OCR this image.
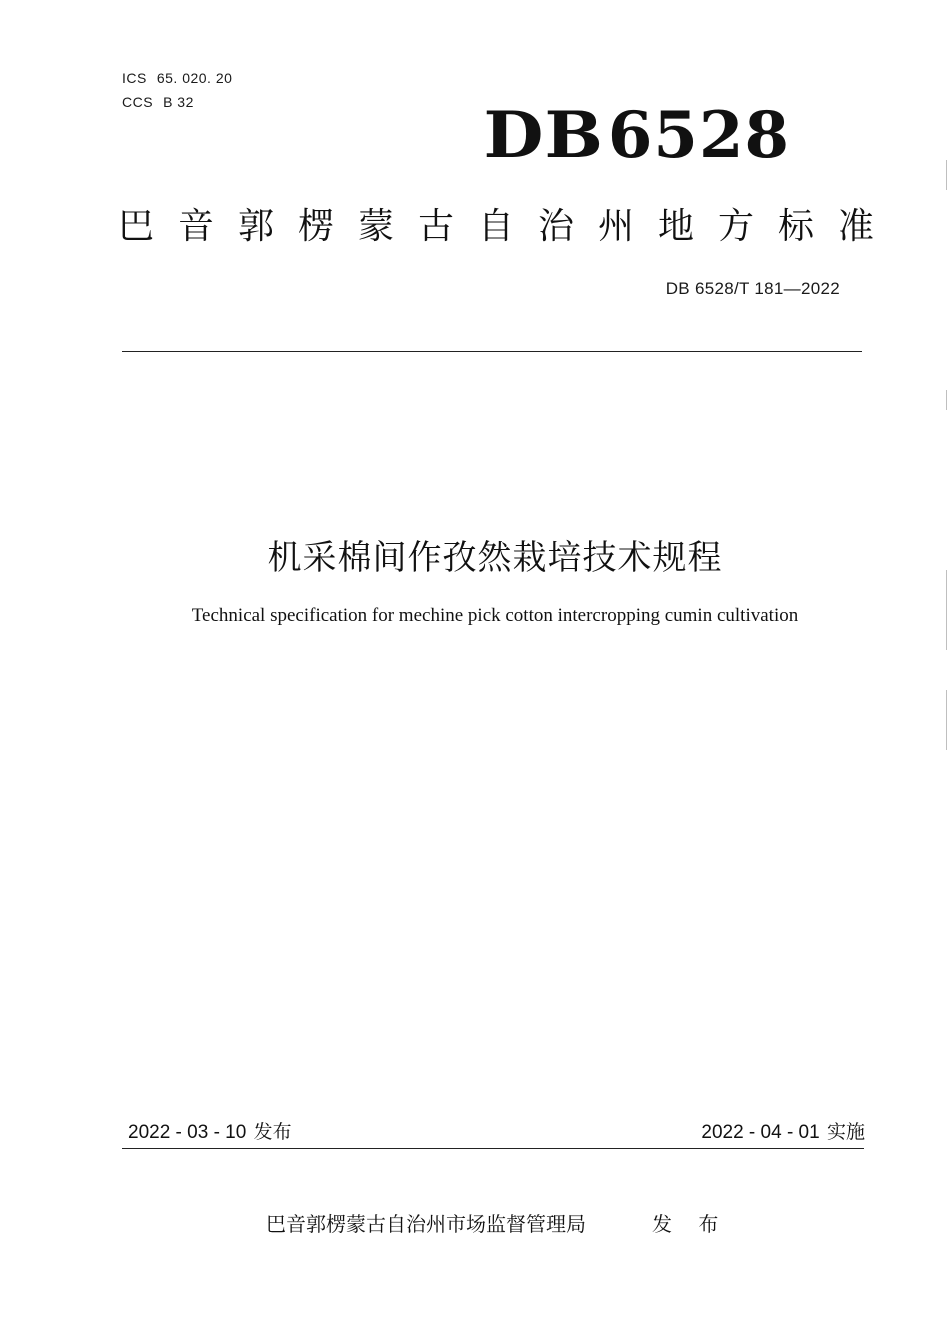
ICS 65. 020. 20
CCS B 32	DB6528
巴音郭楞蒙古自治州地方标准
DB 6528/T 181—2022
机采棉间作孜然栽培技术规程
Technical specification for mechine pick cotton intercropping cumin cultivation
2022 - 03 - 10 发布	2022 - 04 - 01 实施
巴音郭楞蒙古自治州市场监督管理局	发 布
